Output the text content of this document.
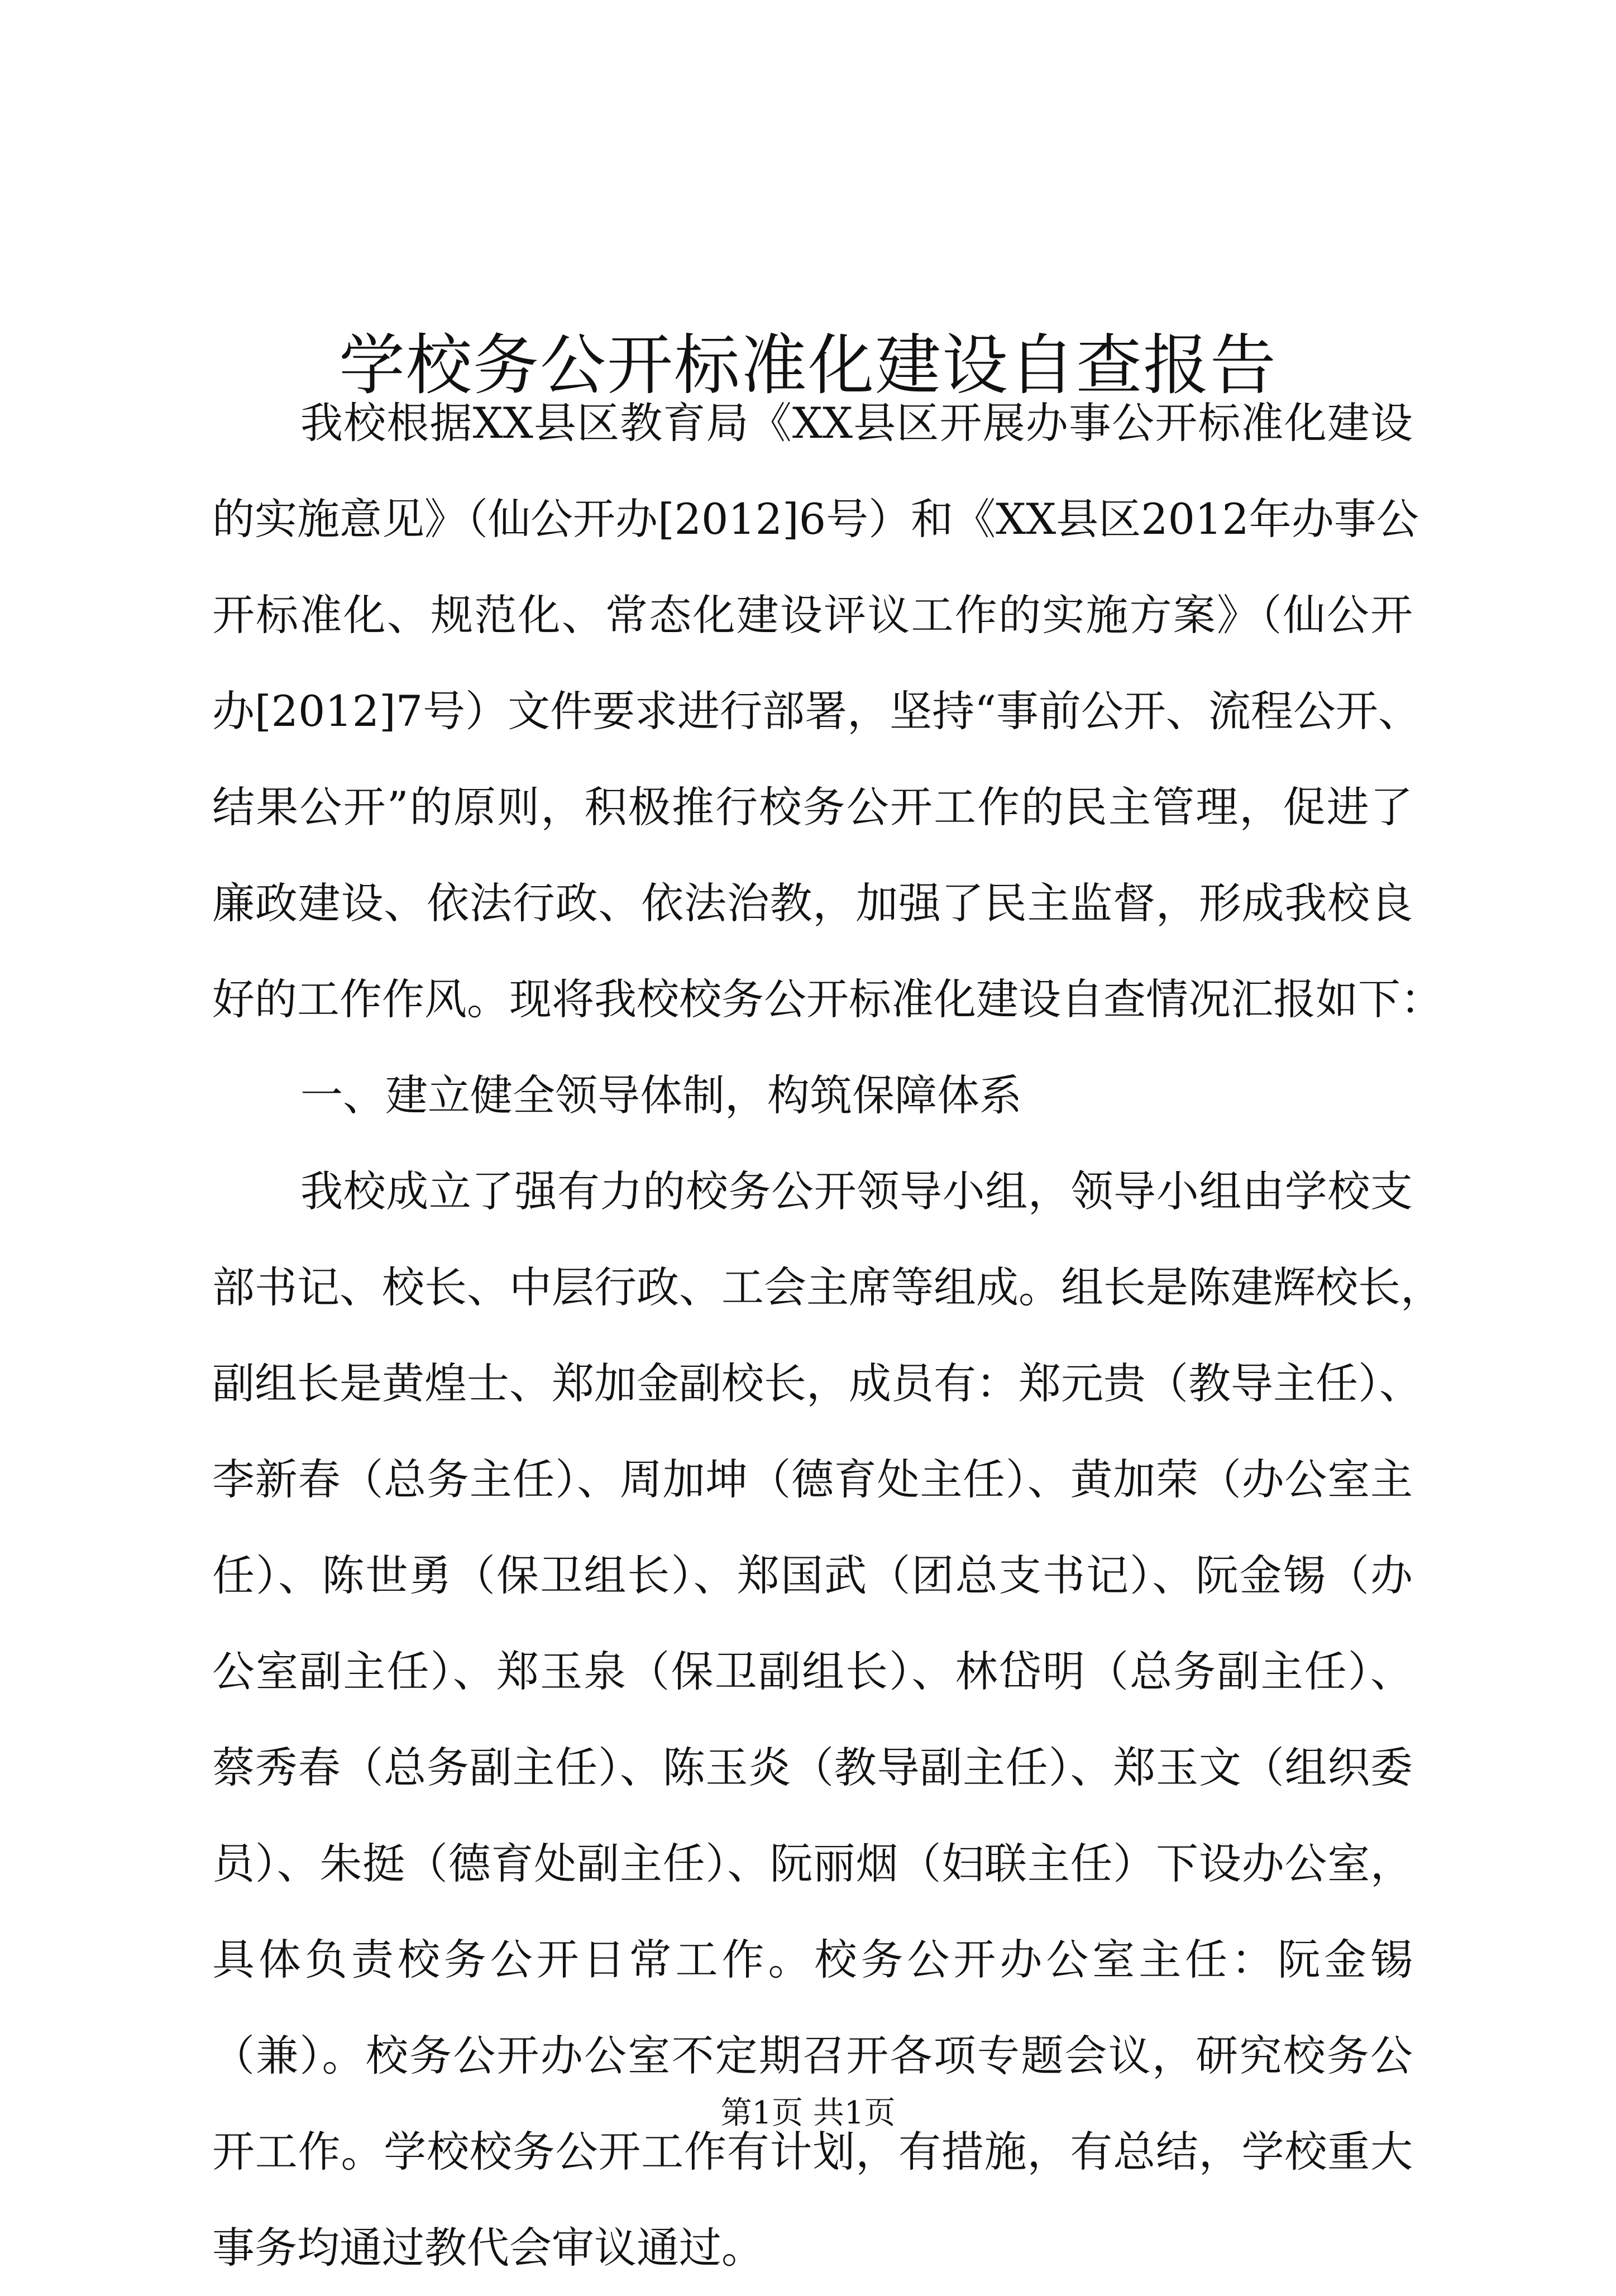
学校务公开标准化建设自查报告
我校根据XX县区教育局《XX县区开展办事公开标准化建设
的实施意见》（仙公开办[2012]6号）和《XX县区2012年办事公
开标准化、规范化、常态化建设评议工作的实施方案》（仙公开
办[2012]7号）文件要求进行部署，坚持“事前公开、流程公开、
结果公开”的原则，积极推行校务公开工作的民主管理，促进了
廉政建设、依法行政、依法治教，加强了民主监督，形成我校良
好的工作作风。现将我校校务公开标准化建设自查情况汇报如下：
一、建立健全领导体制，构筑保障体系
我校成立了强有力的校务公开领导小组，领导小组由学校支
部书记、校长、中层行政、工会主席等组成。组长是陈建辉校长，
副组长是黄煌士、郑加金副校长，成员有：郑元贵（教导主任）、
李新春（总务主任）、周加坤（德育处主任）、黄加荣（办公室主
任）、陈世勇（保卫组长）、郑国武（团总支书记）、阮金锡（办
公室副主任）、郑玉泉（保卫副组长）、林岱明（总务副主任）、
蔡秀春（总务副主任）、陈玉炎（教导副主任）、郑玉文（组织委
员）、朱挺（德育处副主任）、阮丽烟（妇联主任）下设办公室，
具体负责校务公开日常工作。校务公开办公室主任：阮金锡
（兼）。校务公开办公室不定期召开各项专题会议，研究校务公
开工作。学校校务公开工作有计划，有措施，有总结，学校重大
事务均通过教代会审议通过。
第1页 共1页
